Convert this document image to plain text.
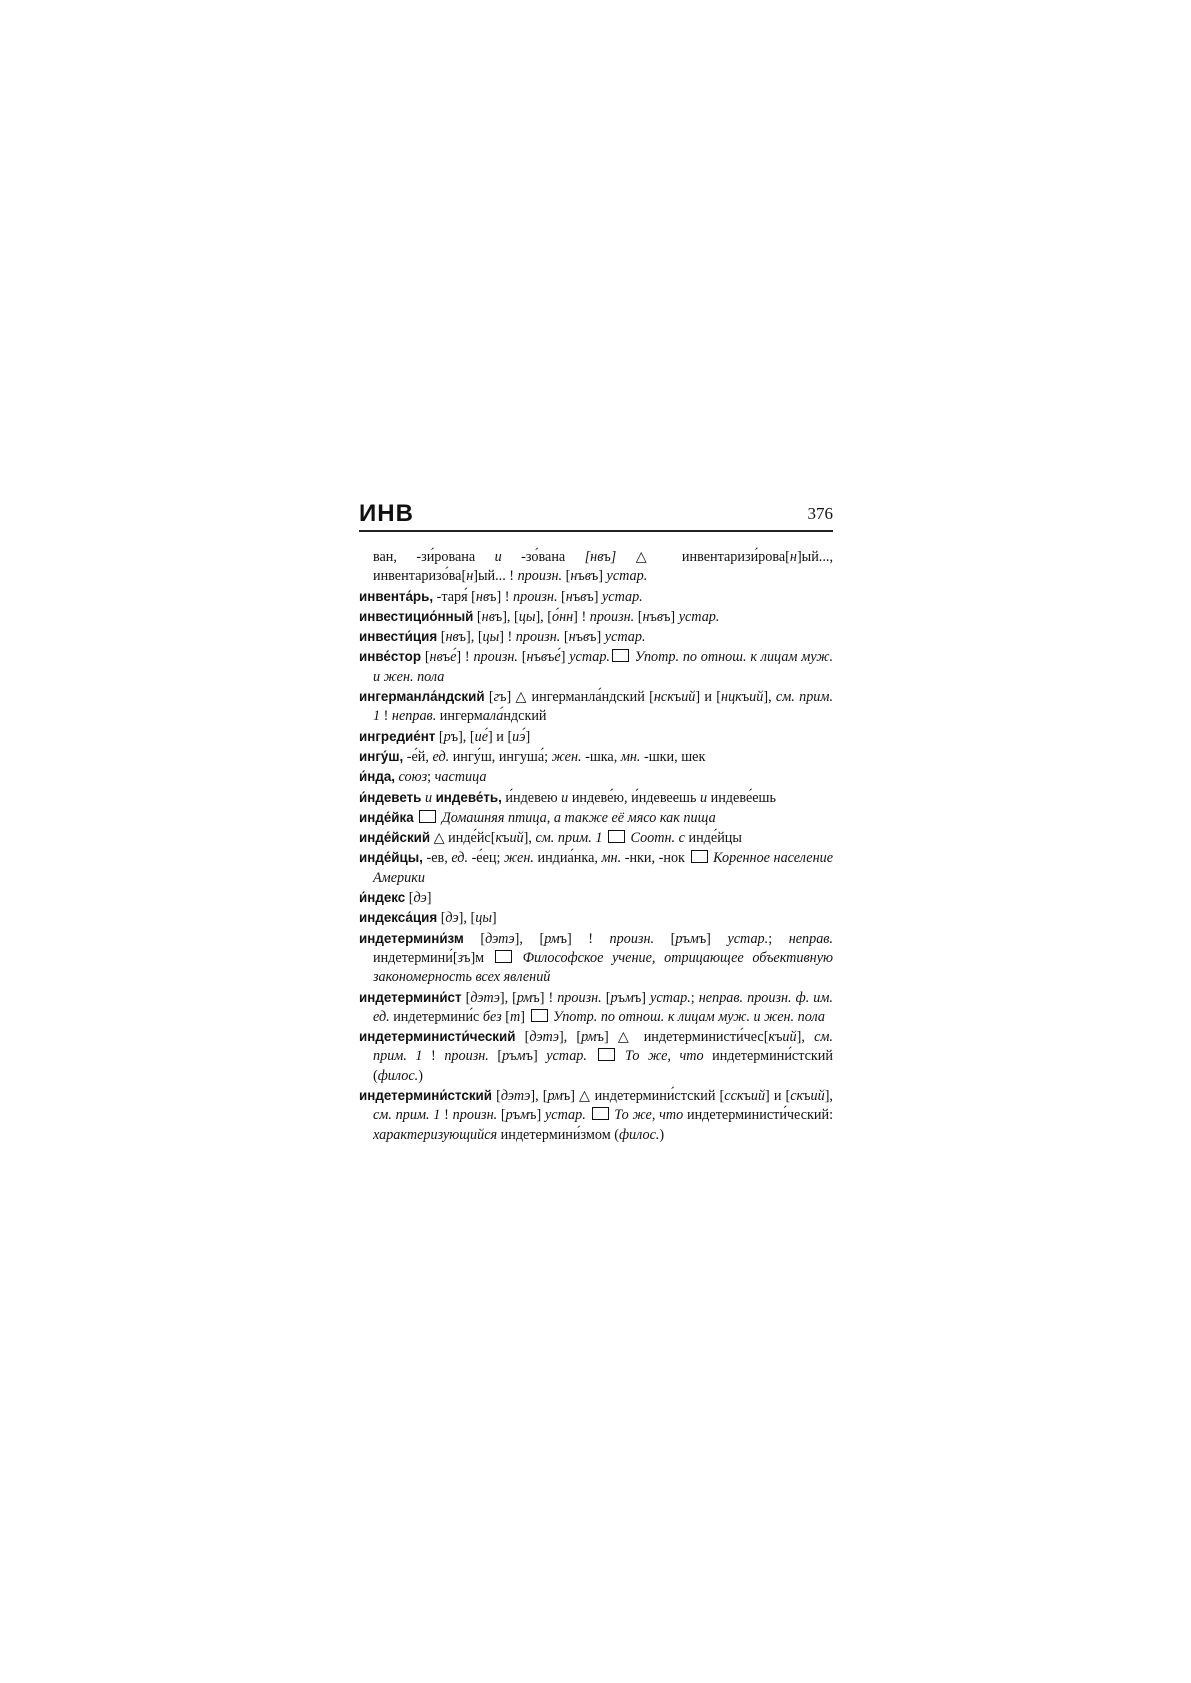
ИНВ	376

ван, -зи́рована и -зо́вана [нвъ] △ инвентаризи́рова[н]ый..., инвентаризо́ва[н]ый... ! произн. [нъвъ] устар.

инвента́рь, -таря́ [нвъ] ! произн. [нъвъ] устар.

инвестицио́нный [нвъ], [цы], [о́нн] ! произн. [нъвъ] устар.

инвести́ция [нвъ], [цы] ! произн. [нъвъ] устар.

инве́стор [нвъе́] ! произн. [нъвъе́] устар. Употр. по отнош. к лицам муж. и жен. пола

ингерманла́ндский [гъ] △ ингерманла́ндский [нскъий] и [нцкъий], см. прим. 1 ! неправ. ингермала́ндский

ингредие́нт [ръ], [ие́] и [иэ́]

ингу́ш, -е́й, ед. ингу́ш, ингуша́; жен. -шка, мн. -шки, шек

и́нда, союз; частица

и́ндеветь и индеве́ть, и́ндевею и индеве́ю, и́ндевеешь и индеве́ешь

инде́йка Домашняя птица, а также её мясо как пища

инде́йский △ инде́йс[къий], см. прим. 1 Соотн. с инде́йцы

инде́йцы, -ев, ед. -е́ец; жен. индиа́нка, мн. -нки, -нок  Коренное население Америки

и́ндекс [дэ]

индекса́ция [дэ], [цы]

индетермини́зм [дэтэ], [рмъ] ! произн. [ръмъ] устар.; неправ. индетермини́[зъ]м  Философское учение, отрицающее объективную закономерность всех явлений

индетермини́ст [дэтэ], [рмъ] ! произн. [ръмъ] устар.; неправ. произн. ф. им. ед. индетермини́с без [т]  Употр. по отнош. к лицам муж. и жен. пола

индетерминисти́ческий [дэтэ], [рмъ] △ индетерминисти́чес[къий], см. прим. 1 ! произн. [ръмъ] устар.	То же, что индетермини́стский (филос.)

индетермини́стский [дэтэ], [рмъ] △ индетермини́стский [сскъий] и [скъий], см. прим. 1 ! произн. [ръмъ] устар. То же, что индетерминисти́ческий: характеризующийся индетермини́змом (филос.)
